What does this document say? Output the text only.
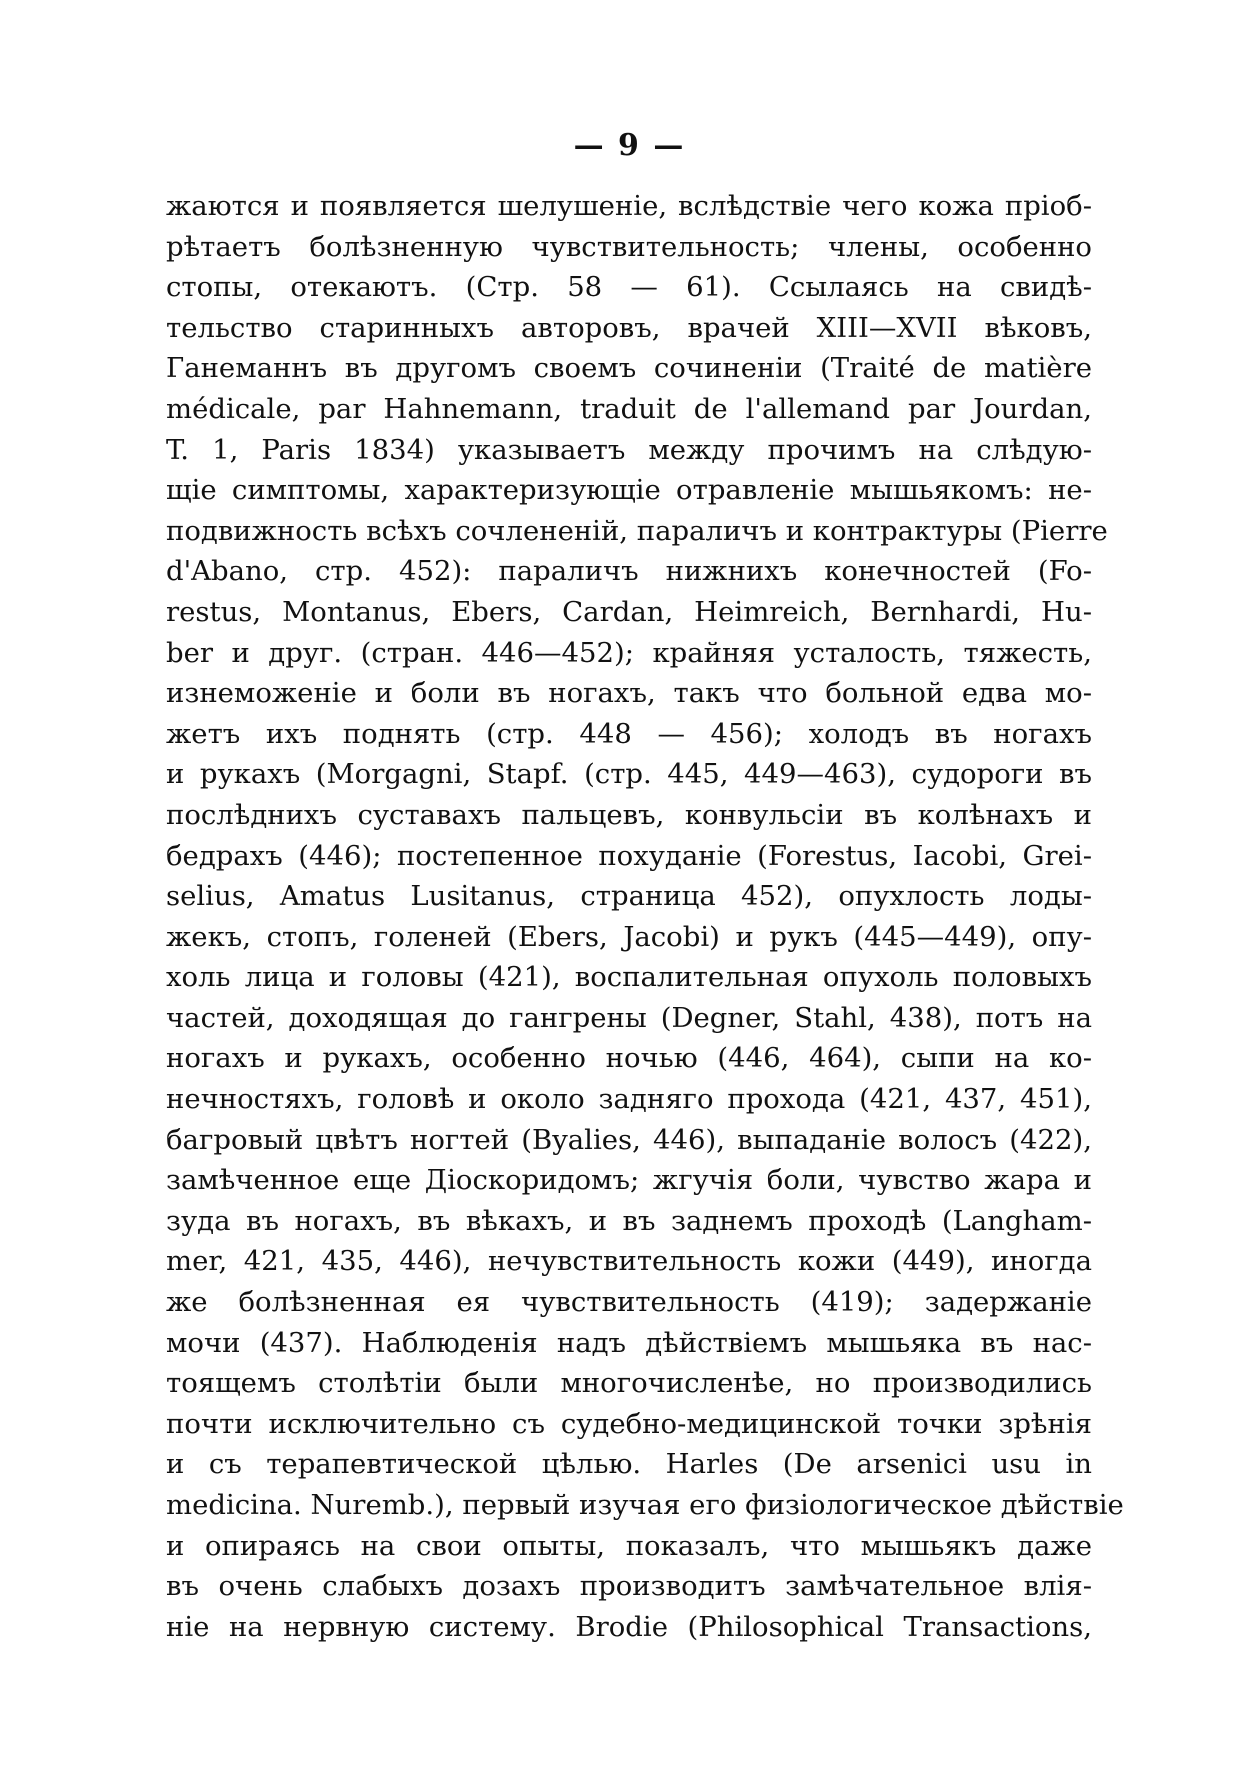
— 9 —
жаются и появляется шелушеніе, вслѣдствіе чего кожа пріоб-
рѣтаетъ болѣзненную чувствительность; члены, особенно
стопы, отекаютъ. (Стр. 58 — 61). Ссылаясь на свидѣ-
тельство старинныхъ авторовъ, врачей XIII—XVII вѣковъ,
Ганеманнъ въ другомъ своемъ сочиненіи (Traité de matière
médicale, par Hahnemann, traduit de l'allemand par Jourdan,
T. 1, Paris 1834) указываетъ между прочимъ на слѣдую-
щіе симптомы, характеризующіе отравленіе мышьякомъ: не-
подвижность всѣхъ сочлененій, параличъ и контрактуры (Pierre
d'Abano, стр. 452): параличъ нижнихъ конечностей (Fo-
restus, Montanus, Ebers, Cardan, Heimreich, Bernhardi, Hu-
ber и друг. (стран. 446—452); крайняя усталость, тяжесть,
изнеможеніе и боли въ ногахъ, такъ что больной едва мо-
жетъ ихъ поднять (стр. 448 — 456); холодъ въ ногахъ
и рукахъ (Morgagni, Stapf. (стр. 445, 449—463), судороги въ
послѣднихъ суставахъ пальцевъ, конвульсіи въ колѣнахъ и
бедрахъ (446); постепенное похуданіе (Forestus, Iacobi, Grei-
selius, Amatus Lusitanus, страница 452), опухлость лоды-
жекъ, стопъ, голеней (Ebers, Jacobi) и рукъ (445—449), опу-
холь лица и головы (421), воспалительная опухоль половыхъ
частей, доходящая до гангрены (Degner, Stahl, 438), потъ на
ногахъ и рукахъ, особенно ночью (446, 464), сыпи на ко-
нечностяхъ, головѣ и около задняго прохода (421, 437, 451),
багровый цвѣтъ ногтей (Byalies, 446), выпаданіе волосъ (422),
замѣченное еще Діоскоридомъ; жгучія боли, чувство жара и
зуда въ ногахъ, въ вѣкахъ, и въ заднемъ проходѣ (Langham-
mer, 421, 435, 446), нечувствительность кожи (449), иногда
же болѣзненная ея чувствительность (419); задержаніе
мочи (437). Наблюденія надъ дѣйствіемъ мышьяка въ нас-
тоящемъ столѣтіи были многочисленѣе, но производились
почти исключительно съ судебно-медицинской точки зрѣнія
и съ терапевтической цѣлью. Harles (De arsenici usu in
medicina. Nuremb.), первый изучая его физіологическое дѣйствіе
и опираясь на свои опыты, показалъ, что мышьякъ даже
въ очень слабыхъ дозахъ производитъ замѣчательное влія-
ніе на нервную систему. Brodie (Philosophical Transactions,
